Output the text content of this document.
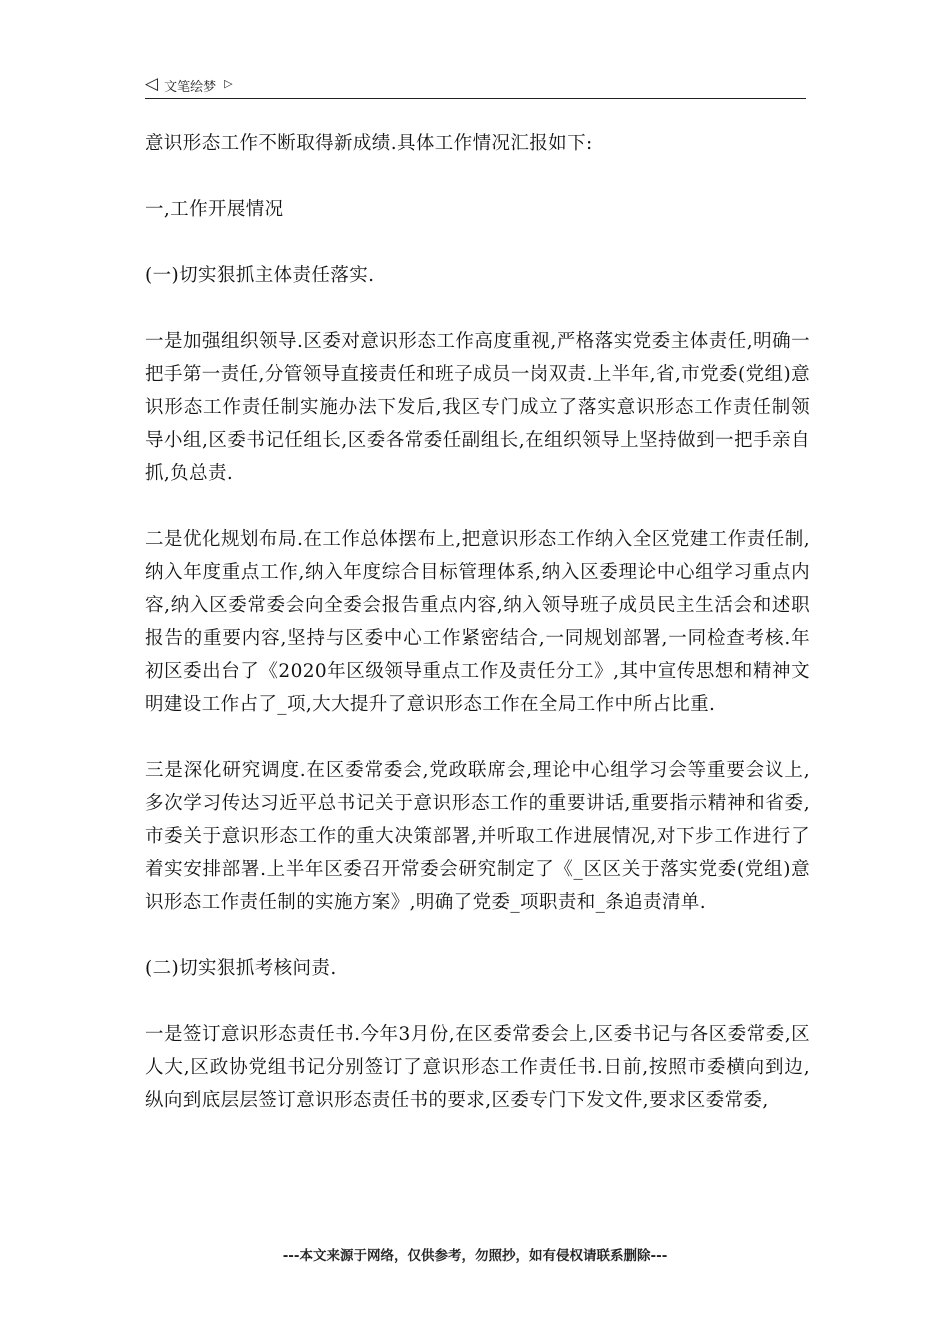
◁ 文笔绘梦 ▷

意识形态工作不断取得新成绩.具体工作情况汇报如下:

一,工作开展情况

(一)切实狠抓主体责任落实.

一是加强组织领导.区委对意识形态工作高度重视,严格落实党委主体责任,明确一把手第一责任,分管领导直接责任和班子成员一岗双责.上半年,省,市党委(党组)意识形态工作责任制实施办法下发后,我区专门成立了落实意识形态工作责任制领导小组,区委书记任组长,区委各常委任副组长,在组织领导上坚持做到一把手亲自抓,负总责.

二是优化规划布局.在工作总体摆布上,把意识形态工作纳入全区党建工作责任制,纳入年度重点工作,纳入年度综合目标管理体系,纳入区委理论中心组学习重点内容,纳入区委常委会向全委会报告重点内容,纳入领导班子成员民主生活会和述职报告的重要内容,坚持与区委中心工作紧密结合,一同规划部署,一同检查考核.年初区委出台了《2020年区级领导重点工作及责任分工》,其中宣传思想和精神文明建设工作占了_项,大大提升了意识形态工作在全局工作中所占比重.

三是深化研究调度.在区委常委会,党政联席会,理论中心组学习会等重要会议上,多次学习传达习近平总书记关于意识形态工作的重要讲话,重要指示精神和省委,市委关于意识形态工作的重大决策部署,并听取工作进展情况,对下步工作进行了着实安排部署.上半年区委召开常委会研究制定了《_区区关于落实党委(党组)意识形态工作责任制的实施方案》,明确了党委_项职责和_条追责清单.

(二)切实狠抓考核问责.

一是签订意识形态责任书.今年3月份,在区委常委会上,区委书记与各区委常委,区人大,区政协党组书记分别签订了意识形态工作责任书.日前,按照市委横向到边,纵向到底层层签订意识形态责任书的要求,区委专门下发文件,要求区委常委,

---本文来源于网络，仅供参考，勿照抄，如有侵权请联系删除---
